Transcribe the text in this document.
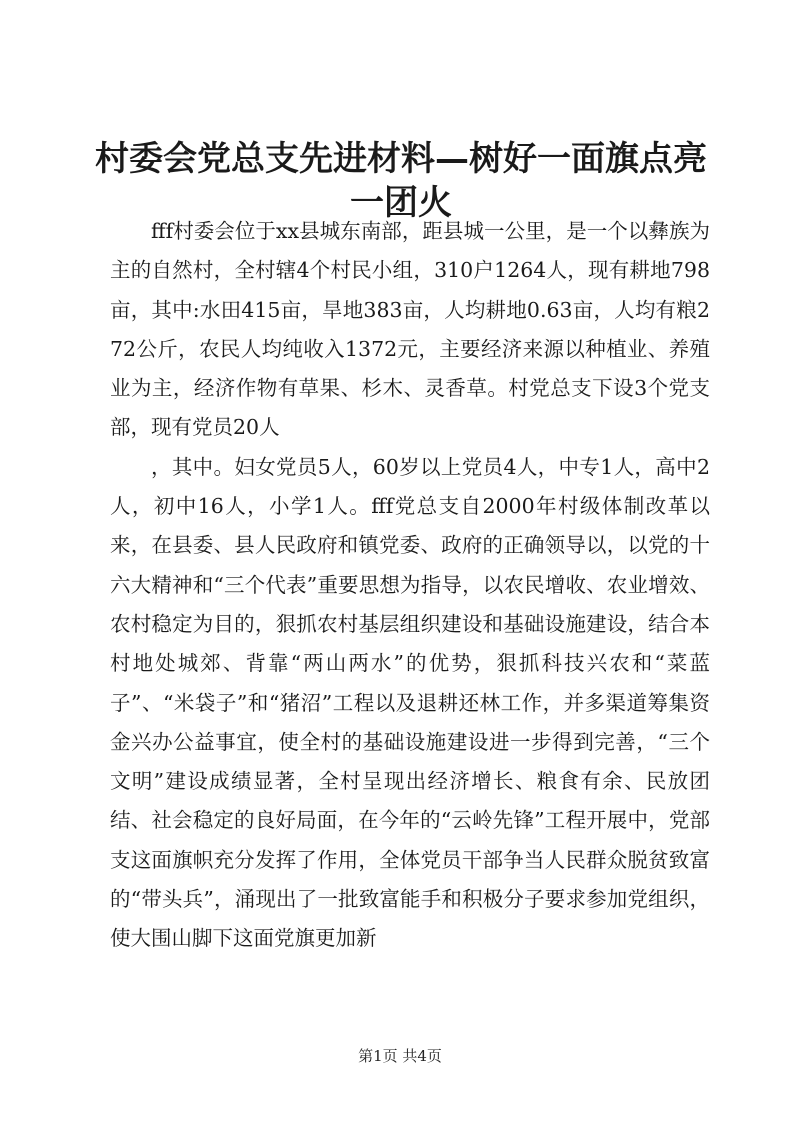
村委会党总支先进材料—树好一面旗点亮一团火

fff村委会位于xx县城东南部，距县城一公里，是一个以彝族为主的自然村，全村辖4个村民小组，310户1264人，现有耕地798亩，其中:水田415亩，旱地383亩，人均耕地0.63亩，人均有粮272公斤，农民人均纯收入1372元，主要经济来源以种植业、养殖业为主，经济作物有草果、杉木、灵香草。村党总支下设3个党支部，现有党员20人

，其中。妇女党员5人，60岁以上党员4人，中专1人，高中2人，初中16人，小学1人。fff党总支自2000年村级体制改革以来，在县委、县人民政府和镇党委、政府的正确领导以，以党的十六大精神和“三个代表”重要思想为指导，以农民增收、农业增效、农村稳定为目的，狠抓农村基层组织建设和基础设施建设，结合本村地处城郊、背靠“两山两水”的优势，狠抓科技兴农和“菜蓝子”、“米袋子”和“猪沼”工程以及退耕还林工作，并多渠道筹集资金兴办公益事宜，使全村的基础设施建设进一步得到完善，“三个文明”建设成绩显著，全村呈现出经济增长、粮食有余、民放团结、社会稳定的良好局面，在今年的“云岭先锋”工程开展中，党部支这面旗帜充分发挥了作用，全体党员干部争当人民群众脱贫致富的“带头兵”，涌现出了一批致富能手和积极分子要求参加党组织，使大围山脚下这面党旗更加新

第1页 共4页
